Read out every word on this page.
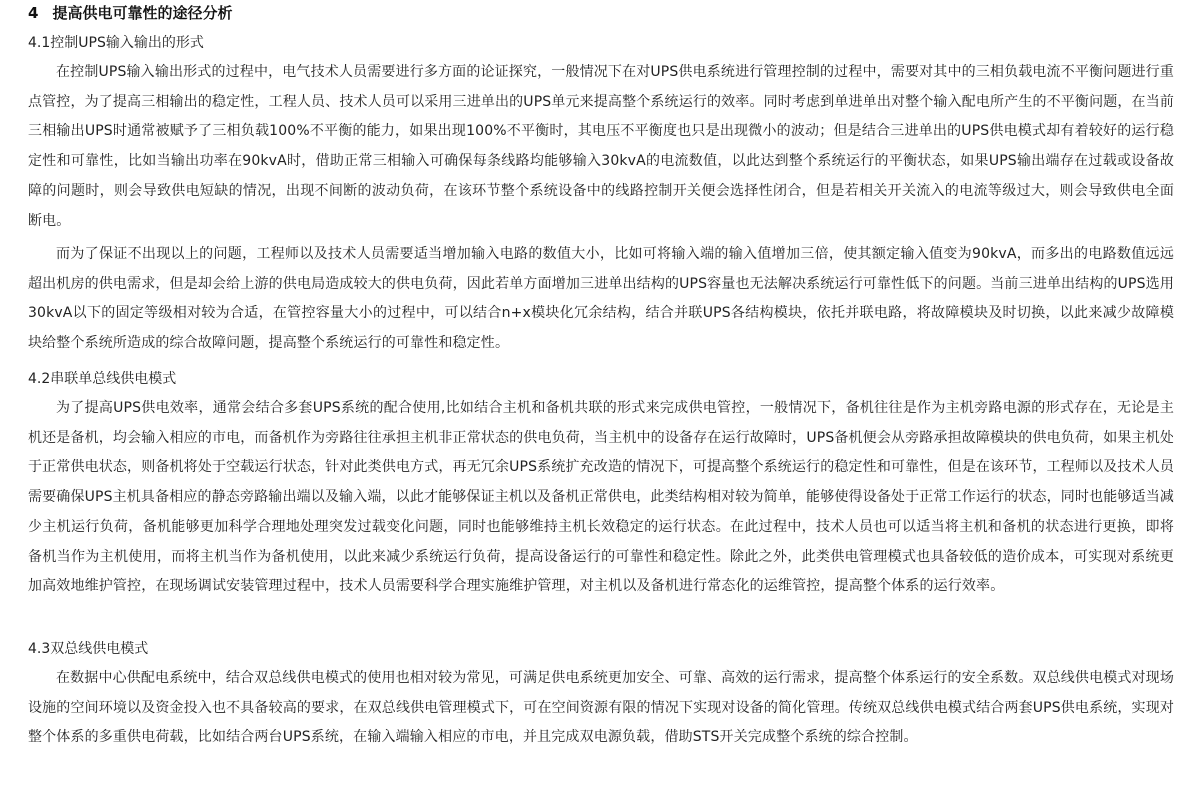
4 提高供电可靠性的途径分析
4.1控制UPS输入输出的形式

在控制UPS输入输出形式的过程中，电气技术人员需要进行多方面的论证探究，一般情况下在对UPS供电系统进行管理控制的过程中，需要对其中的三相负载电流不平衡问题进行重点管控，为了提高三相输出的稳定性，工程人员、技术人员可以采用三进单出的UPS单元来提高整个系统运行的效率。同时考虑到单进单出对整个输入配电所产生的不平衡问题，在当前三相输出UPS时通常被赋予了三相负载100%不平衡的能力，如果出现100%不平衡时，其电压不平衡度也只是出现微小的波动；但是结合三进单出的UPS供电模式却有着较好的运行稳定性和可靠性，比如当输出功率在90kvA时，借助正常三相输入可确保每条线路均能够输入30kvA的电流数值，以此达到整个系统运行的平衡状态，如果UPS输出端存在过载或设备故障的问题时，则会导致供电短缺的情况，出现不间断的波动负荷，在该环节整个系统设备中的线路控制开关便会选择性闭合，但是若相关开关流入的电流等级过大，则会导致供电全面断电。

而为了保证不出现以上的问题，工程师以及技术人员需要适当增加输入电路的数值大小，比如可将输入端的输入值增加三倍，使其额定输入值变为90kvA，而多出的电路数值远远超出机房的供电需求，但是却会给上游的供电局造成较大的供电负荷，因此若单方面增加三进单出结构的UPS容量也无法解决系统运行可靠性低下的问题。当前三进单出结构的UPS选用30kvA以下的固定等级相对较为合适，在管控容量大小的过程中，可以结合n+x模块化冗余结构，结合并联UPS各结构模块，依托并联电路，将故障模块及时切换，以此来减少故障模块给整个系统所造成的综合故障问题，提高整个系统运行的可靠性和稳定性。

4.2串联单总线供电模式

为了提高UPS供电效率，通常会结合多套UPS系统的配合使用,比如结合主机和备机共联的形式来完成供电管控，一般情况下，备机往往是作为主机旁路电源的形式存在，无论是主机还是备机，均会输入相应的市电，而备机作为旁路往往承担主机非正常状态的供电负荷，当主机中的设备存在运行故障时，UPS备机便会从旁路承担故障模块的供电负荷，如果主机处于正常供电状态，则备机将处于空载运行状态，针对此类供电方式，再无冗余UPS系统扩充改造的情况下，可提高整个系统运行的稳定性和可靠性，但是在该环节，工程师以及技术人员需要确保UPS主机具备相应的静态旁路输出端以及输入端，以此才能够保证主机以及备机正常供电，此类结构相对较为简单，能够使得设备处于正常工作运行的状态，同时也能够适当减少主机运行负荷，备机能够更加科学合理地处理突发过载变化问题，同时也能够维持主机长效稳定的运行状态。在此过程中，技术人员也可以适当将主机和备机的状态进行更换，即将备机当作为主机使用，而将主机当作为备机使用，以此来减少系统运行负荷，提高设备运行的可靠性和稳定性。除此之外，此类供电管理模式也具备较低的造价成本，可实现对系统更加高效地维护管控，在现场调试安装管理过程中，技术人员需要科学合理实施维护管理，对主机以及备机进行常态化的运维管控，提高整个体系的运行效率。

4.3双总线供电模式

在数据中心供配电系统中，结合双总线供电模式的使用也相对较为常见，可满足供电系统更加安全、可靠、高效的运行需求，提高整个体系运行的安全系数。双总线供电模式对现场设施的空间环境以及资金投入也不具备较高的要求，在双总线供电管理模式下，可在空间资源有限的情况下实现对设备的简化管理。传统双总线供电模式结合两套UPS供电系统，实现对整个体系的多重供电荷载，比如结合两台UPS系统，在输入端输入相应的市电，并且完成双电源负载，借助STS开关完成整个系统的综合控制。
